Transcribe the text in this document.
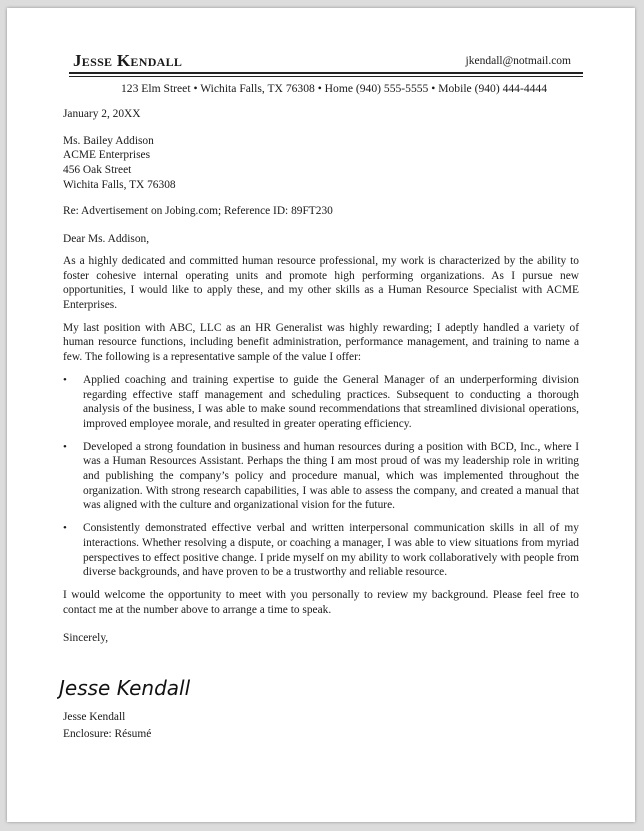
Jesse Kendall	jkendall@notmail.com
123 Elm Street • Wichita Falls, TX 76308 • Home (940) 555-5555 • Mobile (940) 444-4444

January 2, 20XX

Ms. Bailey Addison

ACME Enterprises

456 Oak Street

Wichita Falls, TX 76308

Re: Advertisement on Jobing.com; Reference ID: 89FT230

Dear Ms. Addison,

As a highly dedicated and committed human resource professional, my work is characterized by the ability to foster cohesive internal operating units and promote high performing organizations. As I pursue new opportunities, I would like to apply these, and my other skills as a Human Resource Specialist with ACME Enterprises.

My last position with ABC, LLC as an HR Generalist was highly rewarding; I adeptly handled a variety of human resource functions, including benefit administration, performance management, and training to name a few. The following is a representative sample of the value I offer:

• Applied coaching and training expertise to guide the General Manager of an underperforming division regarding effective staff management and scheduling practices. Subsequent to conducting a thorough analysis of the business, I was able to make sound recommendations that streamlined divisional operations, improved employee morale, and resulted in greater operating efficiency.
• Developed a strong foundation in business and human resources during a position with BCD, Inc., where I was a Human Resources Assistant. Perhaps the thing I am most proud of was my leadership role in writing and publishing the company’s policy and procedure manual, which was implemented throughout the organization. With strong research capabilities, I was able to assess the company, and created a manual that was aligned with the culture and organizational vision for the future.
• Consistently demonstrated effective verbal and written interpersonal communication skills in all of my interactions. Whether resolving a dispute, or coaching a manager, I was able to view situations from myriad perspectives to effect positive change. I pride myself on my ability to work collaboratively with people from diverse backgrounds, and have proven to be a trustworthy and reliable resource.

I would welcome the opportunity to meet with you personally to review my background. Please feel free to contact me at the number above to arrange a time to speak.

Sincerely,

Jesse Kendall
Jesse Kendall
Enclosure: Résumé
